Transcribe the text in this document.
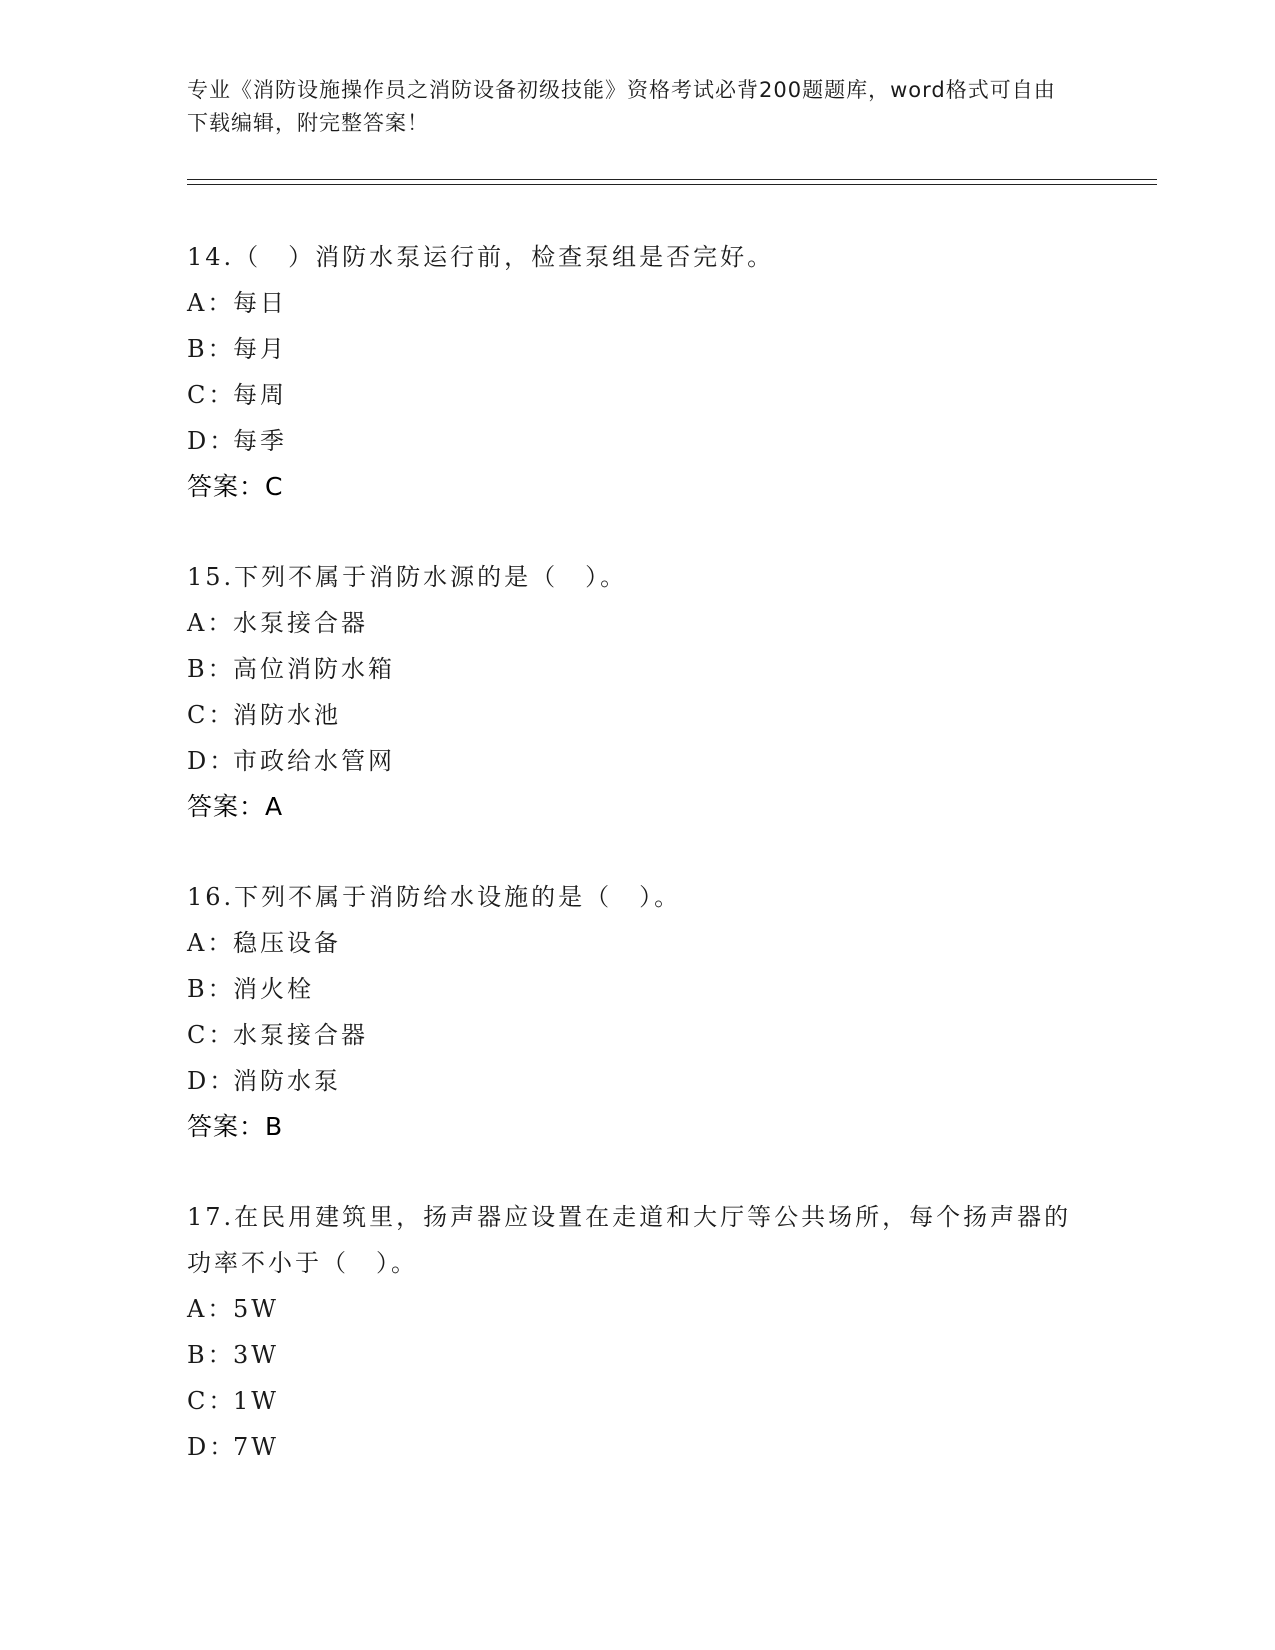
专业《消防设施操作员之消防设备初级技能》资格考试必背200题题库，word格式可自由下载编辑，附完整答案！
14.（　）消防水泵运行前，检查泵组是否完好。
A：每日
B：每月
C：每周
D：每季
答案：C
15.下列不属于消防水源的是（　）。
A：水泵接合器
B：高位消防水箱
C：消防水池
D：市政给水管网
答案：A
16.下列不属于消防给水设施的是（　）。
A：稳压设备
B：消火栓
C：水泵接合器
D：消防水泵
答案：B
17.在民用建筑里，扬声器应设置在走道和大厅等公共场所，每个扬声器的功率不小于（　）。
A：5W
B：3W
C：1W
D：7W
